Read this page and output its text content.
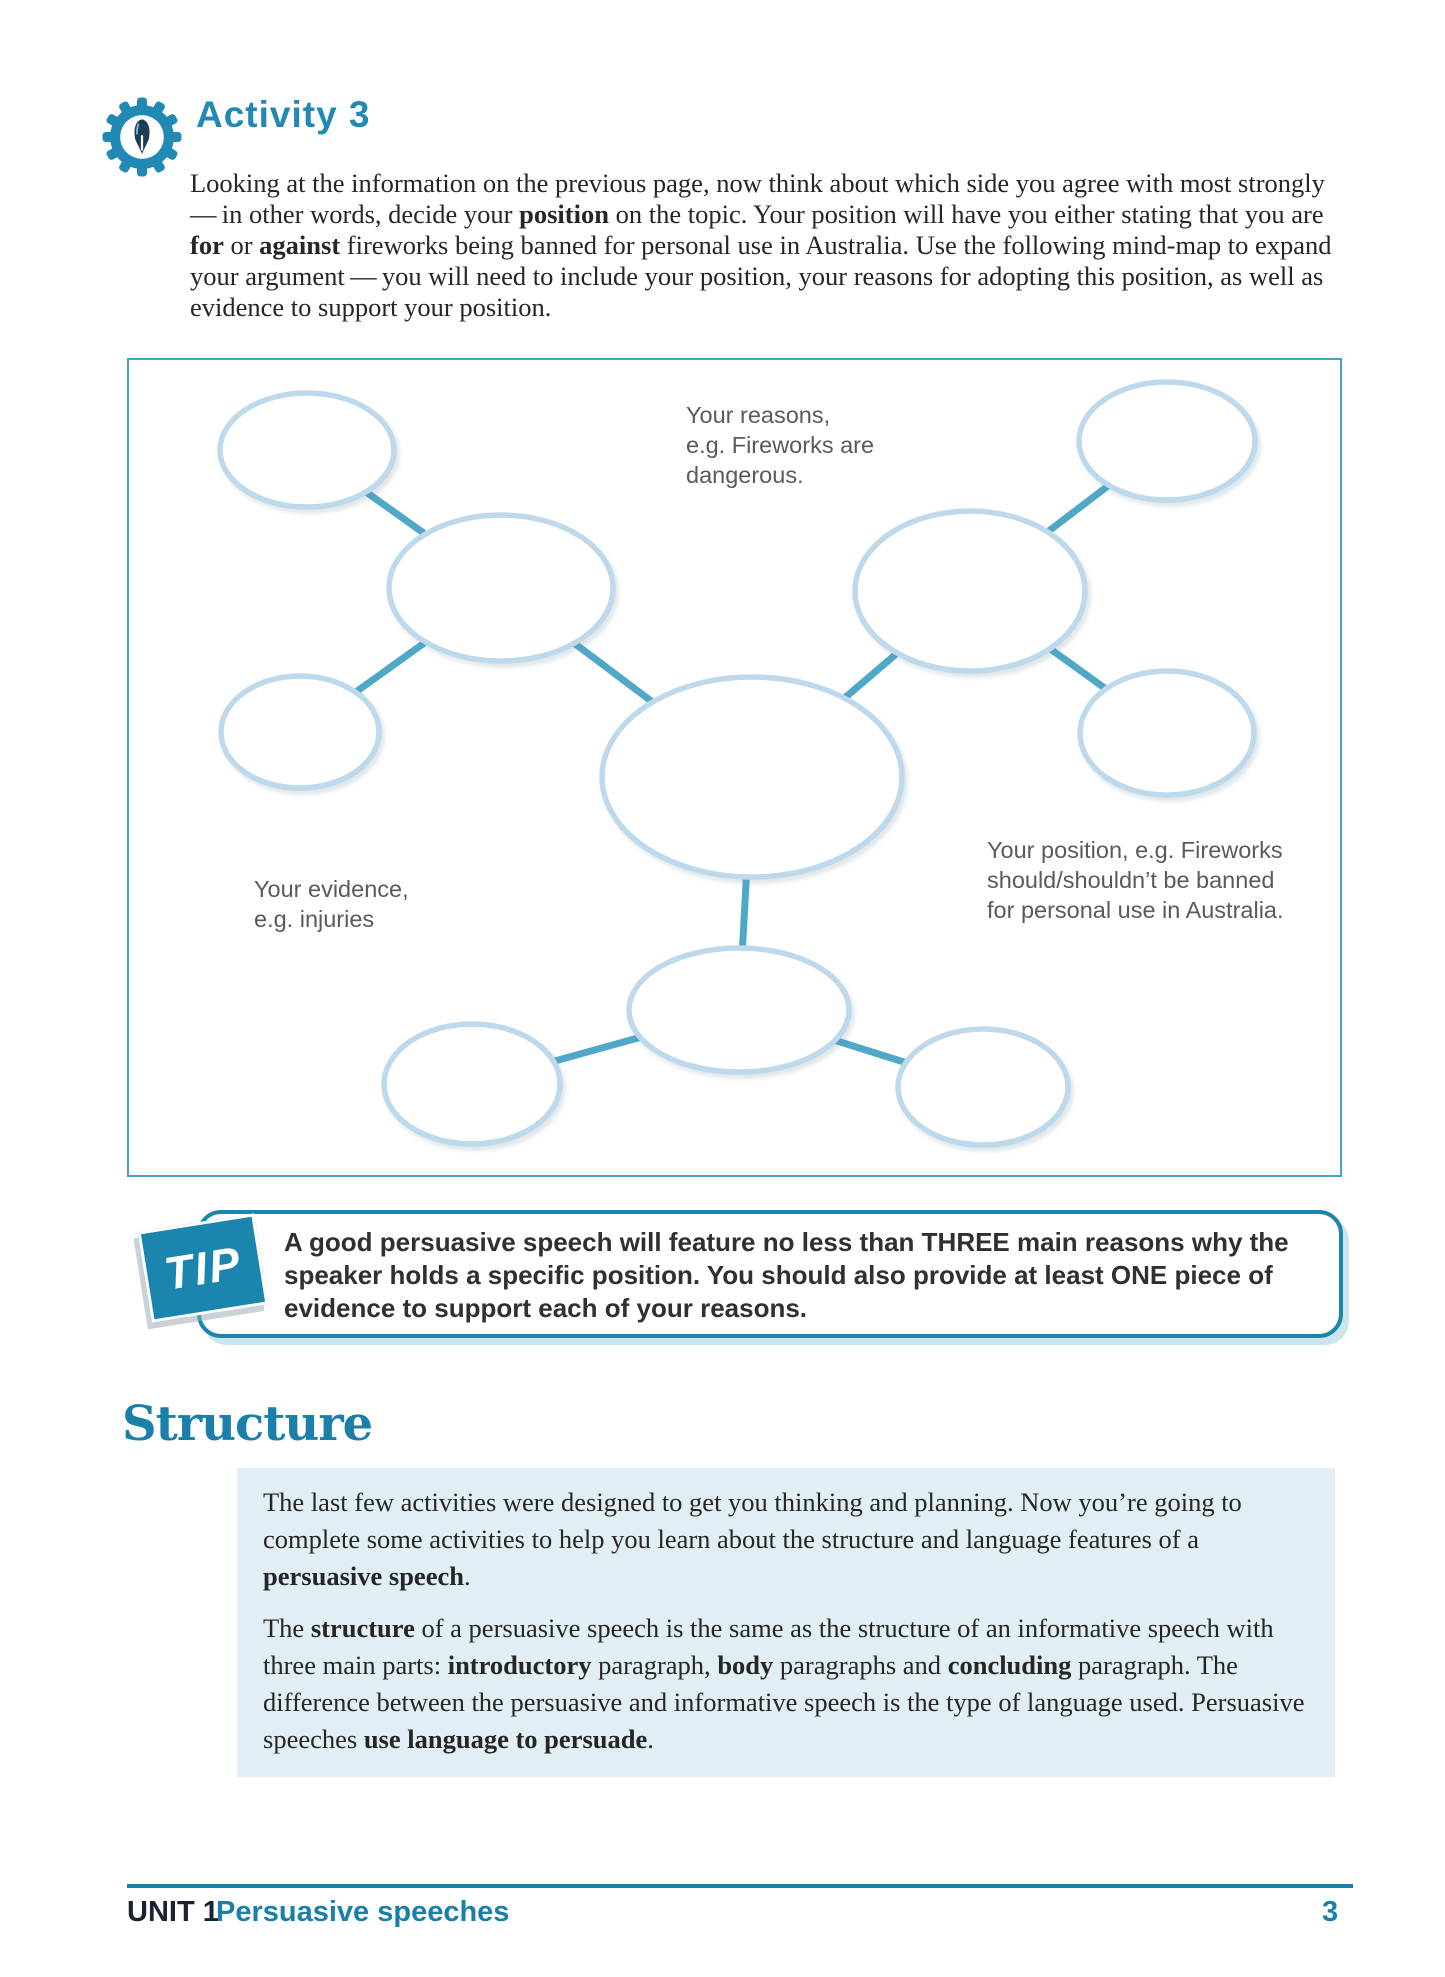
Activity 3
Looking at the information on the previous page, now think about which side you agree with most strongly — in other words, decide your position on the topic. Your position will have you either stating that you are for or against fireworks being banned for personal use in Australia. Use the following mind-map to expand your argument — you will need to include your position, your reasons for adopting this position, as well as evidence to support your position.
Your reasons,
e.g. Fireworks are
dangerous.
Your evidence,
e.g. injuries
Your position, e.g. Fireworks
should/shouldn’t be banned
for personal use in Australia.
A good persuasive speech will feature no less than THREE main reasons why the speaker holds a specific position. You should also provide at least ONE piece of evidence to support each of your reasons.
TIP
Structure

The last few activities were designed to get you thinking and planning. Now you’re going to complete some activities to help you learn about the structure and language features of a persuasive speech.

The structure of a persuasive speech is the same as the structure of an informative speech with three main parts: introductory paragraph, body paragraphs and concluding paragraph. The difference between the persuasive and informative speech is the type of language used. Persuasive speeches use language to persuade.

UNIT 1
Persuasive speeches	3
